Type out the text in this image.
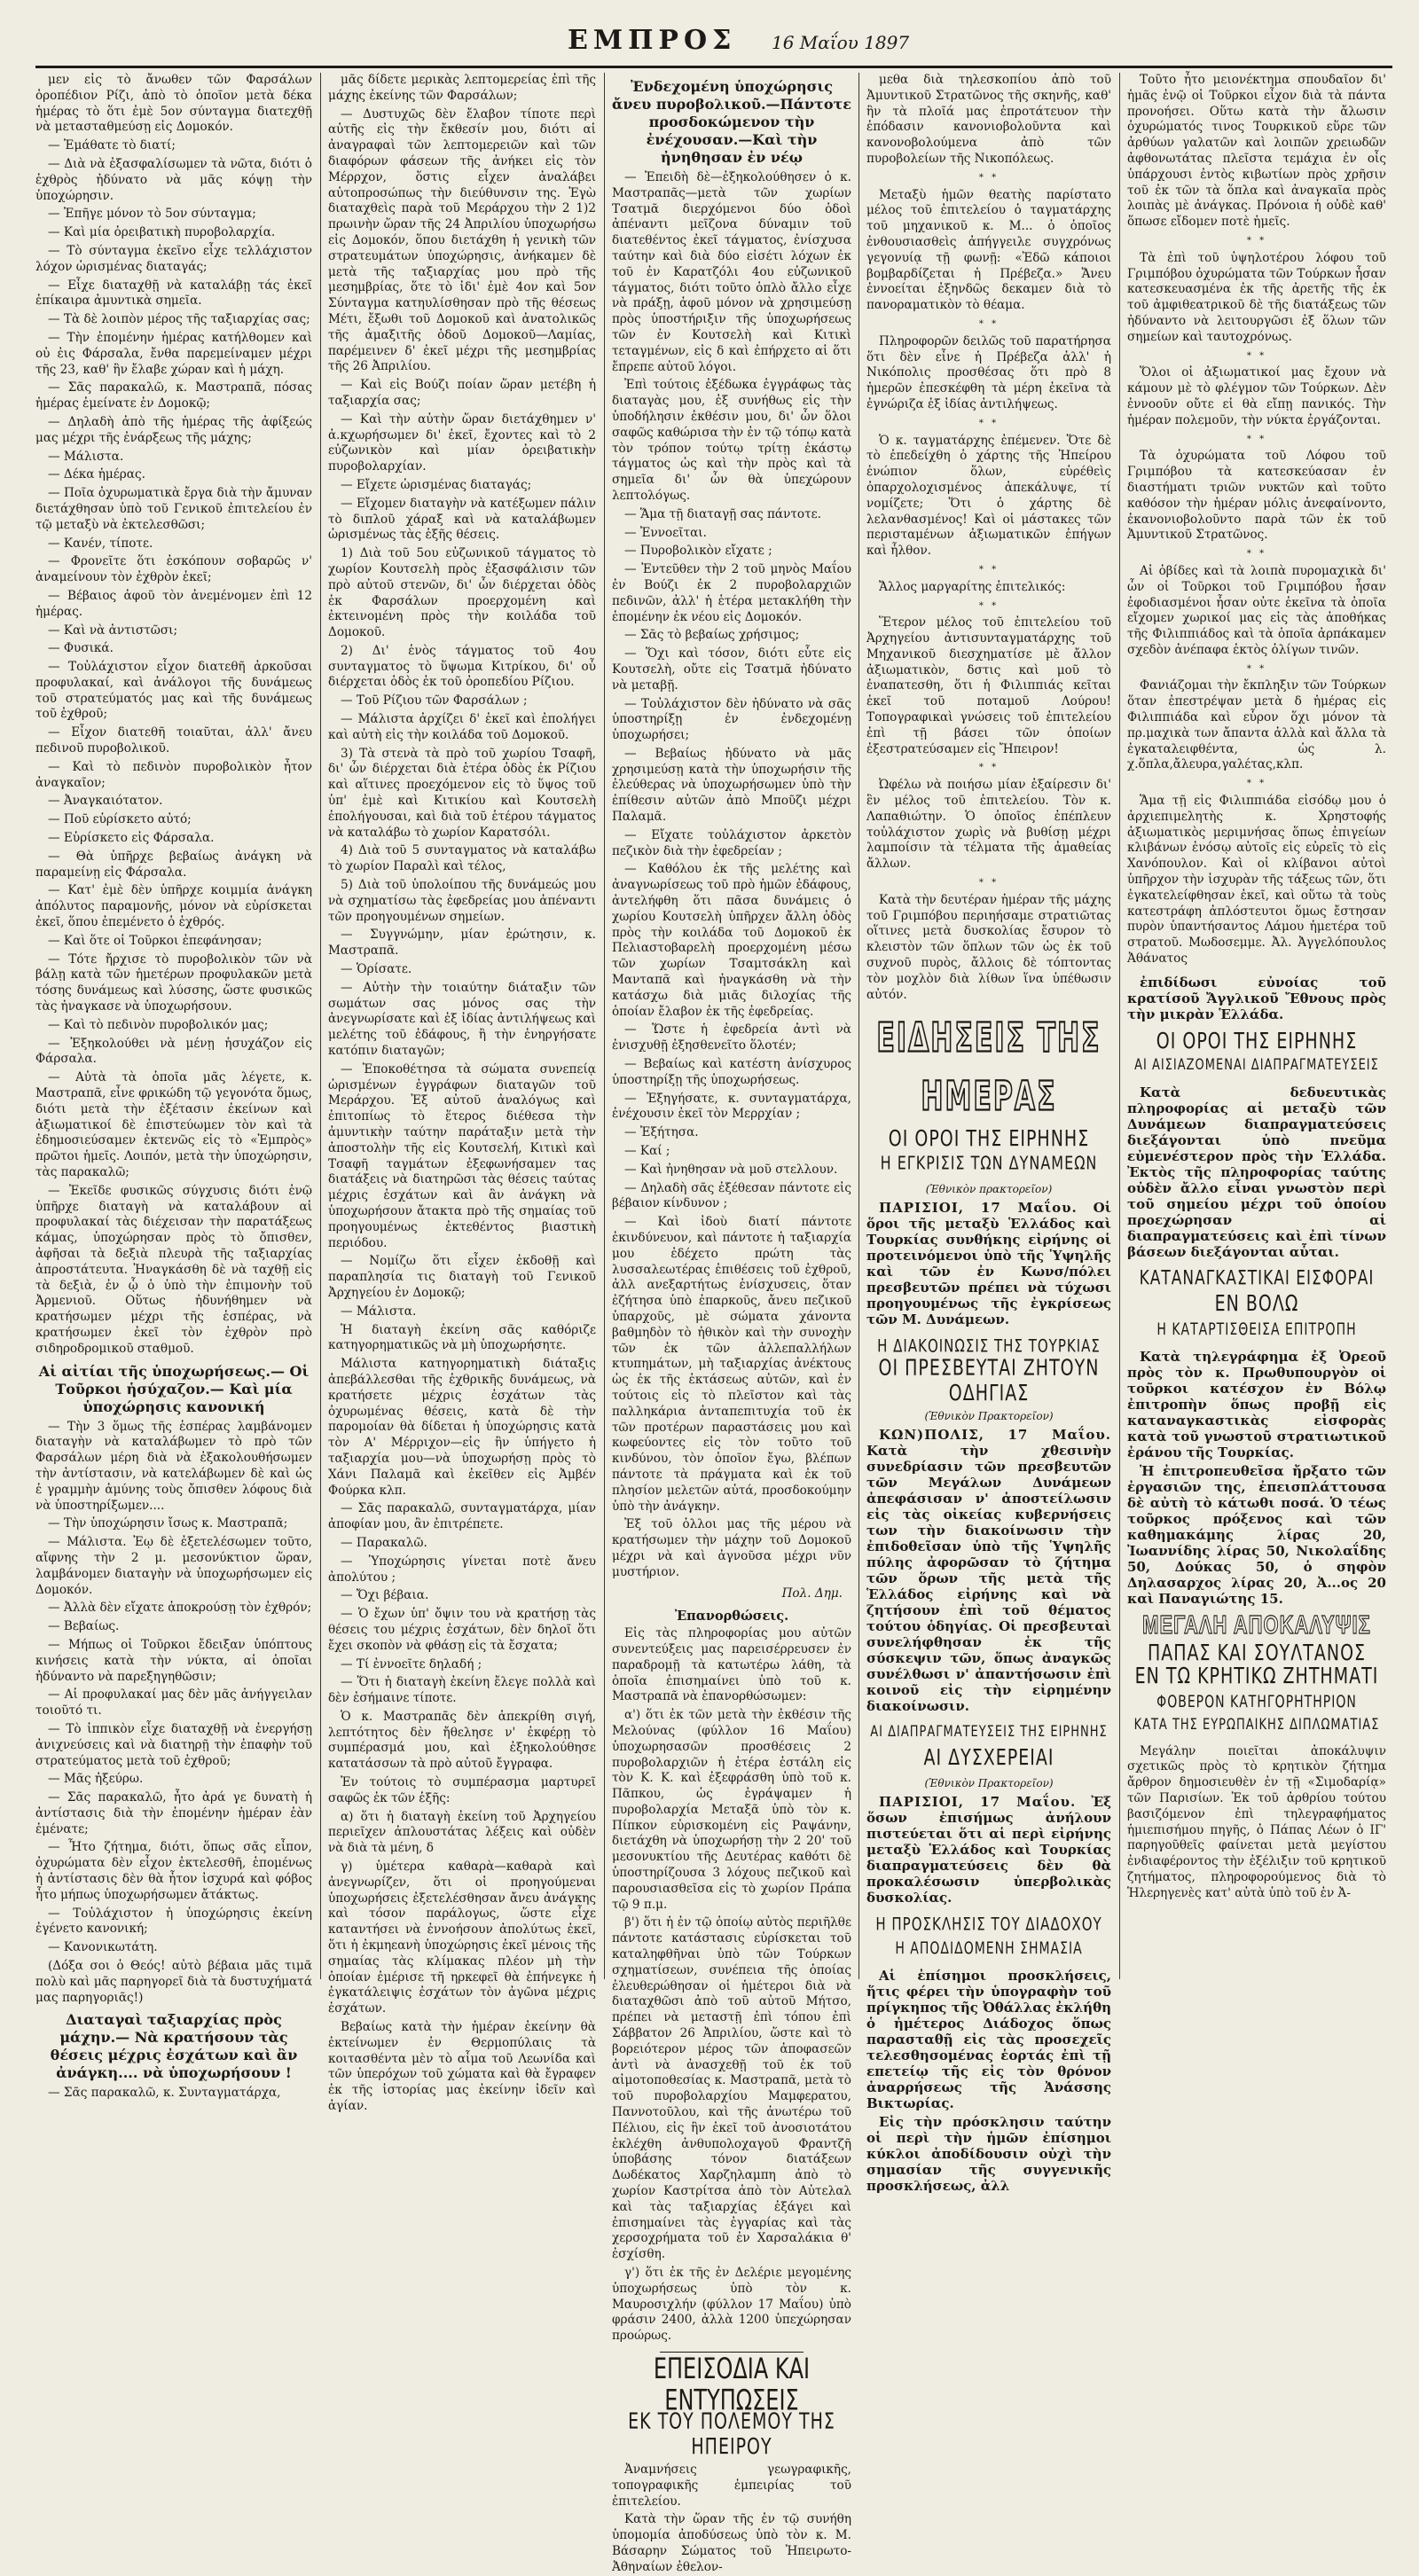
ΕΜΠΡΟΣ 16 Μαΐου 1897

μεν εἰς τὸ ἄνωθεν τῶν Φαρσάλων ὀροπέδιον Ρίζι, ἀπὸ τὸ ὁποῖον μετὰ δέκα ἡμέρας τὸ ὅτι ἐμὲ 5ον σύνταγμα διατεχθῇ νὰ μετασταθμεύσῃ εἰς Δομοκόν.

— Ἐμάθατε τὸ διατί;

— Διὰ νὰ ἐξασφαλίσωμεν τὰ νῶτα, διότι ὁ ἐχθρὸς ἠδύνατο νὰ μᾶς κόψῃ τὴν ὑποχώρησιν.

— Ἐπῆγε μόνον τὸ 5ον σύνταγμα;

— Καὶ μία ὀρειβατικὴ πυροβολαρχία.

— Τὸ σύνταγμα ἐκεῖνο εἶχε τελλάχιστον λόχον ὡρισμένας διαταγάς;

— Εἶχε διαταχθῇ νὰ καταλάβῃ τάς ἐκεῖ ἐπίκαιρα ἀμυντικὰ σημεῖα.

— Τὰ δὲ λοιπὸν μέρος τῆς ταξιαρχίας σας;

— Τὴν ἐπομένην ἡμέρας κατήλθομεν καὶ οὐ ἐις Φάρσαλα, ἔνθα παρεμείναμεν μέχρι τῆς 23, καθ' ἣν ἔλαβε χώραν καὶ ἡ μάχη.

— Σᾶς παρακαλῶ, κ. Μαστραπᾶ, πόσας ἡμέρας ἐμείνατε ἐν Δομοκῷ;

— Δηλαδὴ ἀπὸ τῆς ἡμέρας τῆς ἀφίξεώς μας μέχρι τῆς ἐνάρξεως τῆς μάχης;

— Μάλιστα.

— Δέκα ἡμέρας.

— Ποῖα ὀχυρωματικὰ ἔργα διὰ τὴν ἄμυναν διετάχθησαν ὑπὸ τοῦ Γενικοῦ ἐπιτελείου ἐν τῷ μεταξὺ νὰ ἐκτελεσθῶσι;

— Κανέν, τίποτε.

— Φρονεῖτε ὅτι ἐσκόπουν σοβαρῶς ν' ἀναμείνουν τὸν ἐχθρὸν ἐκεῖ;

— Βέβαιος ἀφοῦ τὸν ἀνεμένομεν ἐπὶ 12 ἡμέρας.

— Καὶ νὰ ἀντιστῶσι;

— Φυσικά.

— Τοὐλάχιστον εἶχον διατεθῆ ἀρκοῦσαι προφυλακαί, καὶ ἀνάλογοι τῆς δυνάμεως τοῦ στρατεύματός μας καὶ τῆς δυνάμεως τοῦ ἐχθροῦ;

— Εἶχον διατεθῆ τοιαῦται, ἀλλ' ἄνευ πεδινοῦ πυροβολικοῦ.

— Καὶ τὸ πεδινὸν πυροβολικὸν ἦτον ἀναγκαῖον;

— Ἀναγκαιότατον.

— Ποῦ εὑρίσκετο αὐτό;

— Εὑρίσκετο εἰς Φάρσαλα.

— Θὰ ὑπῆρχε βεβαίως ἀνάγκη νὰ παραμείνῃ εἰς Φάρσαλα.

— Κατ' ἐμὲ δὲν ὑπῆρχε κοιμμία ἀνάγκη ἀπόλυτος παραμονῆς, μόνον νὰ εὑρίσκεται ἐκεῖ, ὅπου ἐπεμένετο ὁ ἐχθρός.

— Καὶ ὅτε οἱ Τοῦρκοι ἐπεφάνησαν;

— Τότε ἤρχισε τὸ πυροβολικὸν τῶν νὰ βάλῃ κατὰ τῶν ἡμετέρων προφυλακῶν μετὰ τόσης δυνάμεως καὶ λύσσης, ὥστε φυσικῶς τὰς ἠναγκασε νὰ ὑποχωρήσουν.

— Καὶ τὸ πεδινὸν πυροβολικόν μας;

— Ἐξηκολούθει νὰ μένῃ ἡσυχάζον εἰς Φάρσαλα.

— Αὐτὰ τὰ ὁποῖα μᾶς λέγετε, κ. Μαστραπᾶ, εἶνε φρικώδη τῷ γεγονότα ὅμως, διότι μετὰ τὴν ἐξέτασιν ἐκείνων καὶ ἀξιωματικοί δὲ ἐπιστεύωμεν τὸν καὶ τὰ ἐδημοσιεύσαμεν ἐκτενῶς εἰς τὸ «Ἐμπρὸς» πρῶτοι ἡμεῖς. Λοιπόν, μετὰ τὴν ὑποχώρησιν, τὰς παρακαλῶ;

— Ἐκεῖδε φυσικῶς σύγχυσις διότι ἐνῷ ὑπῆρχε διαταγὴ νὰ καταλάβουν αἱ προφυλακαί τὰς διέχεισαν τὴν παρατάξεως κάμας, ὑποχώρησαν πρὸς τὸ ὄπισθεν, ἀφῆσαι τὰ δεξιὰ πλευρὰ τῆς ταξιαρχίας ἀπροστάτευτα. Ἠναγκάσθη δὲ νὰ ταχθῇ εἰς τὰ δεξιὰ, ἐν ᾧ ὁ ὑπὸ τὴν ἐπιμονὴν τοῦ Ἀρμενιοῦ. Οὕτως ἠδυνήθημεν νὰ κρατήσωμεν μέχρι τῆς ἑσπέρας, νὰ κρατήσωμεν ἐκεῖ τὸν ἐχθρὸν πρὸ σιδηροδρομικοῦ σταθμοῦ.

Αἱ αἰτίαι τῆς ὑποχωρήσεως.— Οἱ Τοῦρκοι ἡσύχαζον.— Καὶ μία ὑποχώρησις κανονική

— Τὴν 3 ὅμως τῆς ἑσπέρας λαμβάνομεν διαταγὴν νὰ καταλάβωμεν τὸ πρὸ τῶν Φαρσάλων μέρη διὰ νὰ ἐξακολουθήσωμεν τὴν ἀντίστασιν, νὰ κατελάβωμεν δὲ καὶ ὡς ἐ γραμμὴν ἀμύνης τοὺς ὄπισθεν λόφους διὰ νὰ ὑποστηρίξωμεν....

— Τὴν ὑποχώρησιν ἴσως κ. Μαστραπᾶ;

— Μάλιστα. Ἐῳ δὲ ἐξετελέσωμεν τοῦτο, αἴφνης τὴν 2 μ. μεσονύκτιον ὥραν, λαμβάνομεν διαταγὴν νὰ ὑποχωρήσωμεν εἰς Δομοκόν.

— Ἀλλὰ δὲν εἴχατε ἀποκρούσῃ τὸν ἐχθρόν;

— Βεβαίως.

— Μήπως οἱ Τοῦρκοι ἔδειξαν ὑπόπτους κινήσεις κατὰ τὴν νύκτα, αἱ ὁποῖαι ἠδύναντο νὰ παρεξηγηθῶσιν;

— Αἱ προφυλακαί μας δὲν μᾶς ἀνήγγειλαν τοιοῦτό τι.

— Τὸ ἱππικὸν εἶχε διαταχθῇ νὰ ἐνεργήσῃ ἀνιχνεύσεις καὶ νὰ διατηρῇ τὴν ἐπαφὴν τοῦ στρατεύματος μετὰ τοῦ ἐχθροῦ;

— Μᾶς ἠξεύρω.

— Σᾶς παρακαλῶ, ἦτο ἀρά γε δυνατὴ ἡ ἀντίστασις διὰ τὴν ἐπομένην ἡμέραν ἐὰν ἐμένατε;

— Ἦτο ζήτημα, διότι, ὅπως σᾶς εἶπον, ὀχυρώματα δὲν εἶχον ἐκτελεσθῆ, ἑπομένως ἡ ἀντίστασις δὲν θὰ ἦτον ἰσχυρά καὶ φόβος ἦτο μήπως ὑποχωρήσωμεν ἄτάκτως.

— Τοὐλάχιστον ἡ ὑποχώρησις ἐκείνη ἐγένετο κανονική;

— Κανονικωτάτη.

(Δόξα σοι ὁ Θεός! αὐτὸ βέβαια μᾶς τιμᾶ πολὺ καὶ μᾶς παρηγορεῖ διὰ τὰ δυστυχήματά μας παρηγοριᾶς!)

Διαταγαὶ ταξιαρχίας πρὸς μάχην.— Νὰ κρατήσουν τὰς θέσεις μέχρις ἐσχάτων καὶ ἂν ἀνάγκη.... νὰ ὑποχωρήσουν !

— Σᾶς παρακαλῶ, κ. Συνταγματάρχα,

μᾶς δίδετε μερικὰς λεπτομερείας ἐπὶ τῆς μάχης ἐκείνης τῶν Φαρσάλων;

— Δυστυχῶς δὲν ἔλαβον τίποτε περὶ αὐτῆς εἰς τὴν ἔκθεσίν μου, διότι αἱ ἀναγραφαὶ τῶν λεπτομερειῶν καὶ τῶν διαφόρων φάσεων τῆς ἀνήκει εἰς τὸν Μέρρχον, ὅστις εἶχεν ἀναλάβει αὐτοπροσώπως τὴν διεύθυνσιν της. Ἐγὼ διαταχθεὶς παρὰ τοῦ Μεράρχου τὴν 2 1)2 πρωινὴν ὥραν τῆς 24 Ἀπριλίου ὑποχωρήσω εἰς Δομοκόν, ὅπου διετάχθη ἡ γενικὴ τῶν στρατευμάτων ὑποχώρησις, ἀνήκαμεν δὲ μετὰ τῆς ταξιαρχίας μου πρὸ τῆς μεσημβρίας, ὅτε τὸ ἰδι' ἐμὲ 4ον καὶ 5ον Σύνταγμα κατηυλίσθησαν πρὸ τῆς θέσεως Μέτι, ἔξωθι τοῦ Δομοκοῦ καὶ ἀνατολικῶς τῆς ἀμαξιτῆς ὁδοῦ Δομοκοῦ—Λαμίας, παρέμεινεν δ' ἐκεῖ μέχρι τῆς μεσημβρίας τῆς 26 Ἀπριλίου.

— Καὶ εἰς Βούζι ποίαν ὥραν μετέβη ἡ ταξιαρχία σας;

— Καὶ τὴν αὐτὴν ὥραν διετάχθημεν ν' ἀ.κχωρήσωμεν δι' ἐκεῖ, ἔχοντες καὶ τὸ 2 εὐζωνικὸν καὶ μίαν ὀρειβατικὴν πυροβολαρχίαν.

— Εἴχετε ὡρισμένας διαταγάς;

— Εἴχομεν διαταγὴν νὰ κατέξωμεν πάλιν τὸ διπλοῦ χάραξ καὶ νὰ καταλάβωμεν ὡρισμένως τὰς ἑξῆς θέσεις.

1) Διὰ τοῦ 5ου εὐζωνικοῦ τάγματος τὸ χωρίον Κουτσελὴ πρὸς ἐξασφάλισιν τῶν πρὸ αὐτοῦ στενῶν, δι' ὧν διέρχεται ὁδὸς ἐκ Φαρσάλων προερχομένη καὶ ἐκτεινομένη πρὸς τὴν κοιλάδα τοῦ Δομοκοῦ.

2) Δι' ἑνὸς τάγματος τοῦ 4ου συνταγματος τὸ ὕψωμα Κιτρίκου, δι' οὗ διέρχεται ὁδὸς ἐκ τοῦ ὀροπεδίου Ρίζιου.

— Τοῦ Ρίζιου τῶν Φαρσάλων ;

— Μάλιστα ἀρχίζει δ' ἐκεῖ καὶ ἐπολήγει καὶ αὐτὴ εἰς τὴν κοιλάδα τοῦ Δομοκοῦ.

3) Τὰ στενὰ τὰ πρὸ τοῦ χωρίου Τσαφῆ, δι' ὧν διέρχεται διὰ ἑτέρα ὁδὸς ἐκ Ρίζιου καὶ αἵτινες προεχόμενον εἰς τὸ ὕψος τοῦ ὑπ' ἐμὲ καὶ Κιτικίου καὶ Κουτσελὴ ἐπολήγουσαι, καὶ διὰ τοῦ ἑτέρου τάγματος νὰ καταλάβω τὸ χωρίον Καρατσόλι.

4) Διὰ τοῦ 5 συνταγματος νὰ καταλάβω τὸ χωρίον Παραλὶ καὶ τέλος,

5) Διὰ τοῦ ὑπολοίπου τῆς δυνάμεώς μου νὰ σχηματίσω τὰς ἐφεδρείας μου ἀπέναντι τῶν προηγουμένων σημείων.

— Συγγνώμην, μίαν ἐρώτησιν, κ. Μαστραπᾶ.

— Ὁρίσατε.

— Αὐτὴν τὴν τοιαύτην διάταξιν τῶν σωμάτων σας μόνος σας τὴν ἀνεγνωρίσατε καὶ ἐξ ἰδίας ἀντιλήψεως καὶ μελέτης τοῦ ἐδάφους, ἢ τὴν ἐνηργήσατε κατόπιν διαταγῶν;

— Ἐποκοθέτησα τὰ σώματα συνεπείᾳ ὡρισμένων ἐγγράφων διαταγῶν τοῦ Μεράρχου. Ἐξ αὐτοῦ ἀναλόγως καὶ ἐπιτοπίως τὸ ἕτερος διέθεσα τὴν ἀμυντικὴν ταύτην παράταξιν μετὰ τὴν ἀποστολὴν τῆς εἰς Κουτσελή, Κιτικὶ καὶ Τσαφῆ ταγμάτων ἐξεφωνήσαμεν τας διατάξεις νὰ διατηρῶσι τὰς θέσεις ταύτας μέχρις ἐσχάτων καὶ ἂν ἀνάγκη νὰ ὑποχωρήσουν ἄτακτα πρὸ τῆς σημαίας τοῦ προηγουμένως ἐκτεθέντος βιαστικὴ περιόδου.

— Νομίζω ὅτι εἶχεν ἐκδοθῇ καὶ παραπλησία τις διαταγὴ τοῦ Γενικοῦ Ἀρχηγείου ἐν Δομοκῷ;

— Μάλιστα.

Ἡ διαταγὴ ἐκείνη σᾶς καθόριζε κατηγορηματικῶς νὰ μὴ ὑποχωρήσητε.

Μάλιστα κατηγορηματικὴ διάταξις ἀπεβάλλεσθαι τῆς ἐχθρικῆς δυνάμεως, νὰ κρατήσετε μέχρις ἐσχάτων τὰς ὀχυρωμένας θέσεις, κατὰ δὲ τὴν παρομοίαν θὰ δίδεται ἡ ὑποχώρησις κατὰ τὸν Α' Μέρριχον—εἰς ἣν ὑπήγετο ἡ ταξιαρχία μου—νὰ ὑποχωρήσῃ πρὸς τὸ Χάνι Παλαμᾶ καὶ ἐκεῖθεν εἰς Ἀμβέν Φούρκα κλπ.

— Σᾶς παρακαλῶ, συνταγματάρχα, μίαν ἀποφίαν μου, ἂν ἐπιτρέπετε.

— Παρακαλῶ.

— Ὑποχώρησις γίνεται ποτὲ ἄνευ ἀπολύτου ;

— Ὄχι βέβαια.

— Ὁ ἔχων ὑπ' ὄψιν του νὰ κρατήσῃ τὰς θέσεις του μέχρις ἐσχάτων, δὲν δηλοῖ ὅτι ἔχει σκοπὸν νὰ φθάσῃ εἰς τὰ ἔσχατα;

— Τί ἐννοεῖτε δηλαδή ;

— Ὅτι ἡ διαταγὴ ἐκείνη ἔλεγε πολλὰ καὶ δὲν ἐσήμαινε τίποτε.

Ὁ κ. Μαστραπᾶς δὲν ἀπεκρίθη σιγή, λεπτότητος δὲν ἤθελησε ν' ἐκφέρῃ τὸ συμπέρασμά μου, καὶ ἐξηκολούθησε κατατάσσων τὰ πρὸ αὐτοῦ ἔγγραφα.

Ἐν τούτοις τὸ συμπέρασμα μαρτυρεῖ σαφῶς ἐκ τῶν ἑξῆς:

α) ὅτι ἡ διαταγὴ ἐκείνη τοῦ Ἀρχηγείου περιεῖχεν ἀπλουστάτας λέξεις καὶ οὐδὲν νὰ διὰ τὰ μένη, δ

γ) ὑμέτερα καθαρὰ—καθαρὰ καὶ ἀνεγνωρίζεν, ὅτι οἱ προηγούμεναι ὑποχωρήσεις ἐξετελέσθησαν ἄνευ ἀνάγκης καὶ τόσον παράλογως, ὥστε εἶχε καταντήσει νὰ ἐννοήσουν ἀπολύτως ἐκεῖ, ὅτι ἡ ἐκμηεανὴ ὑποχώρησις ἐκεῖ μένοις τῆς σημαίας τὰς κλίμακας πλέον μὴ τὴν ὁποίαν ἐμέρισε τῆ ηρκεφεῖ θὰ ἐπήνεγκε ἡ ἐγκατάλειψις ἐσχάτων τὸν ἀγῶνα μέχρις ἐσχάτων.

Βεβαίως κατὰ τὴν ἡμέραν ἐκείνην θὰ ἐκτείνωμεν ἐν Θερμοπύλαις τὰ κοιτασθέντα μὲν τὸ αἷμα τοῦ Λεωνίδα καὶ τῶν ὑπερόχων τοῦ χώματα καὶ θὰ ἔγραφεν ἐκ τῆς ἱστορίας μας ἐκείνην ἰδεῖν καὶ ἀγίαν.

Ἐνδεχομένη ὑποχώρησις ἄνευ πυροβολικοῦ.—Πάντοτε προσδοκώμενον τὴν ἐνέχουσαν.—Καὶ τὴν ἠνηθησαν ἐν νέῳ

— Ἐπειδὴ δὲ—ἐξηκολούθησεν ὁ κ. Μαστραπᾶς—μετὰ τῶν χωρίων Τσατμᾶ διερχόμενοι δύο ὁδοὶ ἀπέναντι μεῖζονα δύναμιν τοῦ διατεθέντος ἐκεῖ τάγματος, ἐνίσχυσα ταύτην καὶ διὰ δύο εἰσέτι λόχων ἐκ τοῦ ἐν Καρατζόλι 4ου εὐζωνικοῦ τάγματος, διότι τοῦτο ὁπλὸ ἄλλο εἶχε νὰ πράξῃ, ἀφοῦ μόνον νὰ χρησιμεύσῃ πρὸς ὑποστήριξιν τῆς ὑποχωρήσεως τῶν ἐν Κουτσελὴ καὶ Κιτικὶ τεταγμένων, εἰς δ καὶ ἐπήρχετο αἱ ὅτι ἔπρεπε αὐτοῦ λόγοι.

Ἐπὶ τούτοις ἐξέδωκα ἐγγράφως τὰς διαταγὰς μου, ἐξ συνήθως εἰς τὴν ὑποδήλησιν ἐκθέσιν μου, δι' ὧν ὅλοι σαφῶς καθώρισα τὴν ἐν τῷ τόπῳ κατὰ τὸν τρόπον τούτῳ τρίτῃ ἐκάστῳ τάγματος ὡς καὶ τὴν πρὸς καὶ τὰ σημεῖα δι' ὧν θὰ ὑπεχώρουν λεπτολόγως.

— Ἅμα τῇ διαταγῇ σας πάντοτε.

— Ἐννοεῖται.

— Πυροβολικὸν εἴχατε ;

— Ἐντεῦθεν τὴν 2 τοῦ μηνὸς Μαΐου ἐν Βούζι ἐκ 2 πυροβολαρχιῶν πεδινῶν, ἀλλ' ἡ ἑτέρα μετακλήθη τὴν ἐπομένην ἐκ νέου εἰς Δομοκόν.

— Σᾶς τὸ βεβαίως χρήσιμος;

— Ὅχι καὶ τόσον, διότι εὗτε εἰς Κουτσελὴ, οὔτε εἰς Τσατμᾶ ἠδύνατο νὰ μεταβῇ.

— Τοὐλάχιστον δὲν ἠδύνατο νὰ σᾶς ὑποστηρίξῃ ἐν ἐνδεχομένῃ ὑποχωρήσει;

— Βεβαίως ἠδύνατο νὰ μᾶς χρησιμεύσῃ κατὰ τὴν ὑποχωρήσιν τῆς ἐλεύθερας νὰ ὑποχωρήσωμεν ὑπὸ τὴν ἐπίθεσιν αὐτῶν ἀπὸ Μποῦζι μέχρι Παλαμᾶ.

— Εἴχατε τοὐλάχιστον ἀρκετὸν πεζικὸν διὰ τὴν ἐφεδρείαν ;

— Καθόλου ἐκ τῆς μελέτης καὶ ἀναγνωρίσεως τοῦ πρὸ ἡμῶν ἐδάφους, ἀντελήφθη ὅτι πᾶσα δυνάμεις ὁ χωρίου Κουτσελὴ ὑπῆρχεν ἄλλη ὁδὸς πρὸς τὴν κοιλάδα τοῦ Δομοκοῦ ἐκ Πελιαστοβαρελὴ προερχομένη μέσω τῶν χωρίων Τσαμτσάκλη καὶ Μανταπᾶ καὶ ἠναγκάσθη νὰ τὴν κατάσχω διὰ μιᾶς διλοχίας τῆς ὁποίαν ἔλαβον ἐκ τῆς ἐφεδρείας.

— Ὥστε ἡ ἐφεδρεία ἀντὶ νὰ ἐνισχυθῇ ἐξησθενεῖτο ὅλοτέν;

— Βεβαίως καὶ κατέστη ἀνίσχυρος ὑποστηρίξῃ τῆς ὑποχωρήσεως.

— Ἐξηγήσατε, κ. συνταγματάρχα, ἐνέχουσιν ἐκεῖ τὸν Μερρχίαν ;

— Ἐξήτησα.

— Καί ;

— Καὶ ἠνηθησαν νὰ μοῦ στελλουν.

— Δηλαδὴ σᾶς ἐξέθεσαν πάντοτε εἰς βέβαιον κίνδυνον ;

— Καὶ ἰδοὺ διατί πάντοτε ἐκινδύνευον, καὶ πάντοτε ἡ ταξιαρχία μου ἐδέχετο πρώτη τὰς λυσσαλεωτέρας ἐπιθέσεις τοῦ ἐχθροῦ, ἀλλ ανεξαρτήτως ἐνίσχυσεις, ὅταν ἐζήτησα ὑπὸ ἐπαρκοῦς, ἄνευ πεζικοῦ ὑπαρχοῦς, μὲ σώματα χάνοντα βαθμηδὸν τὸ ἠθικὸν καὶ τὴν συνοχὴν τῶν ἐκ τῶν ἀλλεπαλλήλων κτυπημάτων, μὴ ταξιαρχίας ἀνέκτους ὡς ἐκ τῆς ἐκτάσεως αὐτῶν, καὶ ἐν τούτοις εἰς τὸ πλεῖστον καὶ τὰς παλληκάρια ἀνταπεπιτυχία τοῦ ἐκ τῶν προτέρων παραστάσεις μου καὶ κωφεύοντες εἰς τὸν τοῦτο τοῦ κινδύνου, τὸν ὁποῖον ἔγω, βλέπων πάντοτε τὰ πράγματα καὶ ἐκ τοῦ πλησίον μελετῶν αὐτά, προσδοκούμην ὑπὸ τὴν ἀνάγκην.

Ἐξ τοῦ ὁλλοι μας τῆς μέρου νὰ κρατήσωμεν τὴν μάχην τοῦ Δομοκοῦ μέχρι νὰ καὶ ἀγνοῦσα μέχρι νῦν μυστήριον.

Πολ. Δημ.
Ἐπανορθώσεις.

Εἰς τὰς πληροφορίας μου αὐτῶν συνεντεύξεις μας παρεισέρρευσεν ἐν παραδρομῇ τὰ κατωτέρω λάθη, τὰ ὁποῖα ἐπισημαίνει ὑπὸ τοῦ κ. Μαστραπᾶ νὰ ἐπανορθώσωμεν:

α') ὅτι ἐκ τῶν μετὰ τὴν ἐκθέσιν τῆς Μελούνας (φύλλον 16 Μαΐου) ὑποχωρησασῶν προσθέσεις 2 πυροβολαρχιῶν ἡ ἑτέρα ἐστάλη εἰς τὸν Κ. Κ. καὶ ἐξεφράσθη ὑπὸ τοῦ κ. Πᾶπκου, ὡς ἐγράψαμεν ἡ πυροβολαρχία Μεταξᾶ ὑπὸ τὸν κ. Πίπκον εὑρισκομένη εἰς Ραψάνην, διετάχθη νὰ ὑποχωρήσῃ τὴν 2 20' τοῦ μεσονυκτίου τῆς Δευτέρας καθότι δὲ ὑποστηρίζουσα 3 λόχους πεζικοῦ καὶ παρουσιασθεῖσα εἰς τὸ χωρίον Πράπα τῷ 9 π.μ.

β') ὅτι ἡ ἐν τῷ ὁποίῳ αὐτὸς περιῆλθε πάντοτε κατάστασις εὑρίσκεται τοῦ καταληφθῆναι ὑπὸ τῶν Τούρκων σχηματίσεων, συνέπεια τῆς ὁποίας ἐλευθερώθησαν οἱ ἡμέτεροι διὰ νὰ διαταχθῶσι ἀπὸ τοῦ αὐτοῦ Μήτσο, πρέπει νὰ μεταστῇ ἐπὶ τόπου ἐπὶ Σάββατον 26 Ἀπριλίου, ὥστε καὶ τὸ βορειότερον μέρος τῶν ἀποφασεῶν ἀντὶ νὰ ἀνασχεθῇ τοῦ ἐκ τοῦ αἰμοτοποθεσίας κ. Μαστραπᾶ, μετὰ τὸ τοῦ πυροβολαρχίου Μαμφερατου, Παννοτοῦλου, καὶ τῆς ἀνωτέρω τοῦ Πέλιου, εἰς ἣν ἐκεῖ τοῦ ἀνοσιοτάτου ἐκλέχθη ἀνθυπολοχαγοῦ Φραντζῆ ὑποβάσης τόνον διατάξεων Δωδέκατος Χαρζηλαμπη ἀπὸ τὸ χωρίον Καστρίτσα ἀπὸ τὸν Αὐτελαλ καὶ τὰς ταξιαρχίας ἐξάγει καὶ ἐπισημαίνει τὰς ἐγγαρίας καὶ τὰς χερσοχρήματα τοῦ ἐν Χαρσαλάκια θ' ἐσχίσθη.

γ') ὅτι ἐκ τῆς ἐν Δελέριε μεγομένης ὑποχωρήσεως ὑπὸ τὸν κ. Μαυροσιχλήν (φύλλον 17 Μαΐου) ὑπὸ φράσιν 2400, ἀλλὰ 1200 ὑπεχώρησαν προώρως.

ΕΠΕΙΣΟΔΙΑ ΚΑΙ ΕΝΤΥΠΩΣΕΙΣ
ΕΚ ΤΟΥ ΠΟΛΕΜΟΥ ΤΗΣ ΗΠΕΙΡΟΥ

Ἀναμνήσεις γεωγραφικῆς, τοπογραφικῆς ἐμπειρίας τοῦ ἐπιτελείου.

Κατὰ τὴν ὥραν τῆς ἐν τῷ συνήθη ὑπομομία ἀποδύσεως ὑπὸ τὸν κ. Μ. Βάσαρην Σώματος τοῦ Ἠπειρωτο-Ἀθηναίων ἐθελον-

μεθα διὰ τηλεσκοπίου ἀπὸ τοῦ Ἀμυντικοῦ Στρατῶνος τῆς σκηνῆς, καθ' ἣν τὰ πλοῖά μας ἐπροτάτευον τὴν ἐπόδασιν κανονιοβολοῦντα καὶ κανονοβολούμενα ἀπὸ τῶν πυροβολείων τῆς Νικοπόλεως.

* *

Μεταξὺ ἡμῶν θεατὴς παρίστατο μέλος τοῦ ἐπιτελείου ὁ ταγματάρχης τοῦ μηχανικοῦ κ. Μ... ὁ ὁποῖος ἐνθουσιασθεὶς ἀπήγγειλε συγχρόνως γεγονυίᾳ τῇ φωνῇ: «Ἐδῶ κάποιοι βομβαρδίζεται ἡ Πρέβεζα.» Ἄνευ ἐννοείται ἐξηνδῶς δεκαμεν διὰ τὸ πανοραματικὸν τὸ θέαμα.

* *

Πληροφορῶν δειλῶς τοῦ παρατήρησα ὅτι δὲν εἶνε ἡ Πρέβεζα ἀλλ' ἡ Νικόπολις προσθέσας ὅτι πρὸ 8 ἡμερῶν ἐπεσκέφθη τὰ μέρη ἐκεῖνα τὰ ἐγνώριζα ἐξ ἰδίας ἀντιλήψεως.

* *

Ὁ κ. ταγματάρχης ἐπέμενεν. Ὅτε δὲ τὸ ἐπεδείχθη ὁ χάρτης τῆς Ἠπείρου ἐνώπιον ὅλων, εὑρέθεὶς ὀπαρχολοχισμένος ἀπεκάλυψε, τί νομίζετε; Ὅτι ὁ χάρτης δὲ λελανθασμένος! Καὶ οἱ μάστακες τῶν περισταμένων ἀξιωματικῶν ἐπήγων καὶ ἦλθον.

* *

Ἄλλος μαργαρίτης ἐπιτελικός:

* *

Ἕτερον μέλος τοῦ ἐπιτελείου τοῦ Ἀρχηγείου ἀντισυνταγματάρχης τοῦ Μηχανικοῦ διεσχηματίσε μὲ ἄλλον ἀξιωματικὸν, δστις καὶ μοῦ τὸ ἐναπατεσθη, ὅτι ἡ Φιλιππιάς κεῖται ἐκεῖ τοῦ ποταμοῦ Λούρου! Τοπογραφικαὶ γνώσεις τοῦ ἐπιτελείου ἐπὶ τῇ βάσει τῶν ὁποίων ἐξεστρατεύσαμεν εἰς Ἤπειρον!

* *

Ὠφέλω νὰ ποιήσω μίαν ἐξαίρεσιν δι' ἓν μέλος τοῦ ἐπιτελείου. Τὸν κ. Λαπαθιώτην. Ὁ ὁποῖος ἐπέπλευν τοὐλάχιστον χωρὶς νὰ βυθίσῃ μέχρι λαμποίσιν τὰ τέλματα τῆς ἀμαθείας ἄλλων.

* *

Κατὰ τὴν δευτέραν ἡμέραν τῆς μάχης τοῦ Γριμπόβου περιηήσαμε στρατιῶτας οἵτινες μετὰ δυσκολίας ἔσυρον τὸ κλειστὸν τῶν ὅπλων τῶν ὡς ἐκ τοῦ συχνοῦ πυρὸς, ἄλλοις δὲ τόπτοντας τὸν μοχλὸν διὰ λίθων ἵνα ὑπέθωσιν αὐτόν.

ΕΙΔΗΣΕΙΣ ΤΗΣ ΗΜΕΡΑΣ
ΟΙ ΟΡΟΙ ΤΗΣ ΕΙΡΗΝΗΣ
Η ΕΓΚΡΙΣΙΣ ΤΩΝ ΔΥΝΑΜΕΩΝ
(Ἐθνικὸν πρακτορεῖον)

ΠΑΡΙΣΙΟΙ, 17 Μαΐου. Οἱ ὅροι τῆς μεταξὺ Ἑλλάδος καὶ Τουρκίας συνθήκης εἰρήνης οἱ προτεινόμενοι ὑπὸ τῆς Ὑψηλῆς καὶ τῶν ἐν Κωνσ/πόλει πρεσβευτῶν πρέπει νὰ τύχωσι προηγουμένως τῆς ἐγκρίσεως τῶν Μ. Δυνάμεων.

Η ΔΙΑΚΟΙΝΩΣΙΣ ΤΗΣ ΤΟΥΡΚΙΑΣ
ΟΙ ΠΡΕΣΒΕΥΤΑΙ ΖΗΤΟΥΝ ΟΔΗΓΙΑΣ
(Ἐθνικὸν Πρακτορεῖον)

ΚΩΝ)ΠΟΛΙΣ, 17 Μαΐου. Κατὰ τὴν χθεσινὴν συνεδρίασιν τῶν πρεσβευτῶν τῶν Μεγάλων Δυνάμεων ἀπεφάσισαν ν' ἀποστείλωσιν εἰς τὰς οἰκείας κυβερνήσεις των τὴν διακοίνωσιν τὴν ἐπιδοθεῖσαν ὑπὸ τῆς Ὑψηλῆς πύλης ἀφορῶσαν τὸ ζήτημα τῶν ὅρων τῆς μετὰ τῆς Ἑλλάδος εἰρήνης καὶ νὰ ζητήσουν ἐπὶ τοῦ θέματος τούτου ὁδηγίας. Οἱ πρεσβευταὶ συνελήφθησαν ἐκ τῆς σύσκεψιν τῶν, ὅπως ἀναγκῶς συνέλθωσι ν' ἀπαντήσωσιν ἐπὶ κοινοῦ εἰς τὴν εἰρημένην διακοίνωσιν.

ΑΙ ΔΙΑΠΡΑΓΜΑΤΕΥΣΕΙΣ ΤΗΣ ΕΙΡΗΝΗΣ
ΑΙ ΔΥΣΧΕΡΕΙΑΙ
(Ἐθνικὸν Πρακτορεῖον)

ΠΑΡΙΣΙΟΙ, 17 Μαΐου. Ἐξ ὅσων ἐπισήμως ἀνήλουν πιστεύεται ὅτι αἱ περὶ εἰρήνης μεταξὺ Ἑλλάδος καὶ Τουρκίας διαπραγματεύσεις δὲν θὰ προκαλέσωσιν ὑπερβολικὰς δυσκολίας.

Η ΠΡΟΣΚΛΗΣΙΣ ΤΟΥ ΔΙΑΔΟΧΟΥ
Η ΑΠΟΔΙΔΟΜΕΝΗ ΣΗΜΑΣΙΑ

Αἱ ἐπίσημοι προσκλήσεις, ἥτις φέρει τὴν ὑπογραφὴν τοῦ πρίγκηπος τῆς Ὀθάλλας ἐκλήθη ὁ ἡμέτερος Διάδοχος ὅπως παρασταθῇ εἰς τὰς προσεχεῖς τελεσθησομένας ἑορτάς ἐπὶ τῇ επετείῳ τῆς εἰς τὸν θρόνον ἀναρρήσεως τῆς Ἀνάσσης Βικτωρίας.

Εἰς τὴν πρόσκλησιν ταύτην οἱ περὶ τὴν ἡμῶν ἐπίσημοι κύκλοι ἀποδίδουσιν οὐχὶ τὴν σημασίαν τῆς συγγενικῆς προσκλήσεως, ἀλλ

Τοῦτο ἦτο μειονέκτημα σπουδαῖον δι' ἡμᾶς ἐνῷ οἱ Τοῦρκοι εἶχον διὰ τὰ πάντα προνοήσει. Οὕτω κατὰ τὴν ἄλωσιν ὀχυρώματός τινος Τουρκικοῦ εὕρε τῶν ἀρθύων γαλατῶν καὶ λοιπῶν χρειωδῶν ἀφθονωτάτας πλεῖστα τεμάχια ἐν οἷς ὑπάρχουσι ἐντὸς κιβωτίων πρὸς χρῆσιν τοῦ ἐκ τῶν τὰ ὅπλα καὶ ἀναγκαῖα πρὸς λοιπὰς μὲ ἀνάγκας. Πρόνοια ἡ οὐδὲ καθ' ὅπωσε εἴδομεν ποτὲ ἡμεῖς.

* *

Τὰ ἐπὶ τοῦ ὑψηλοτέρου λόφου τοῦ Γριμπόβου ὀχυρώματα τῶν Τούρκων ἦσαν κατεσκευασμένα ἐκ τῆς ἀρετῆς τῆς ἐκ τοῦ ἀμφιθεατρικοῦ δὲ τῆς διατάξεως τῶν ἠδύναντο νὰ λειτουργῶσι ἐξ ὅλων τῶν σημείων καὶ ταυτοχρόνως.

* *

Ὅλοι οἱ ἀξιωματικοί μας ἔχουν νὰ κάμουν μὲ τὸ φλέγμον τῶν Τούρκων. Δὲν ἐννοοῦν οὔτε εἰ θὰ εἴπῃ πανικός. Τὴν ἡμέραν πολεμοῦν, τὴν νύκτα ἐργάζονται.

* *

Τὰ ὀχυρώματα τοῦ Λόφου τοῦ Γριμπόβου τὰ κατεσκεύασαν ἐν διαστήματι τριῶν νυκτῶν καὶ τοῦτο καθόσον τὴν ἡμέραν μόλις ἀνεφαίνοντο, ἐκανονιοβολοῦντο παρὰ τῶν ἐκ τοῦ Ἀμυντικοῦ Στρατῶνος.

* *

Αἱ ὀβίδες καὶ τὰ λοιπὰ πυρομαχικὰ δι' ὧν οἱ Τοῦρκοι τοῦ Γριμπόβου ἦσαν ἐφοδιασμένοι ἦσαν οὐτε ἐκεῖνα τὰ ὁποῖα εἴχομεν χωρικοί μας εἰς τὰς ἀποθήκας τῆς Φιλιππιάδος καὶ τὰ ὁποῖα ἀρπάκαμεν σχεδὸν ἀνέπαφα ἐκτὸς ὀλίγων τινῶν.

* *

Φανιάζομαι τὴν ἔκπληξιν τῶν Τούρκων ὅταν ἐπεστρέψαν μετὰ δ ἡμέρας εἰς Φιλιππιάδα καὶ εὗρον ὅχι μόνον τὰ πρ.μαχικὰ των ἄπαντα ἀλλὰ καὶ ἄλλα τὰ ἐγκαταλειφθέντα, ὡς λ. χ.ὅπλα,ἄλευρα,γαλέτας,κλπ.

* *

Ἅμα τῇ εἰς Φιλιππιάδα εἰσόδῳ μου ὁ ἀρχιεπιμελητὴς κ. Χρηστοφής ἀξιωματικὸς μεριμνήσας ὅπως ἐπιγείων κλιβάνων ἐνόσῳ αὐτοῖς εἰς εὐρεῖς τὸ εἰς Χανόπουλον. Καὶ οἱ κλίβανοι αὐτοὶ ὑπῆρχον τὴν ἰσχυρὰν τῆς τάξεως τῶν, ὅτι ἐγκατελείφθησαν ἐκεῖ, καὶ οὕτω τὰ τοὺς κατεστράφη ἀπλόστευτοι ὅμως ἔστησαν πυρὸν ὑπαντήσαντος Λάμου ἡμετέρα τοῦ στρατοῦ. Μωδοσεμμε. Ἀλ. Ἀγγελόπουλος Ἀθάνατος

ἐπιδίδωσι εὐνοίας τοῦ κρατίσοῦ Ἄγγλικοῦ Ἔθνους πρὸς τὴν μικρὰν Ἑλλάδα.

ΟΙ ΟΡΟΙ ΤΗΣ ΕΙΡΗΝΗΣ
ΑΙ ΑΙΣΙΑΖΟΜΕΝΑΙ ΔΙΑΠΡΑΓΜΑΤΕΥΣΕΙΣ

Κατὰ δεδυευτικὰς πληροφορίας αἱ μεταξὺ τῶν Δυνάμεων διαπραγματεύσεις διεξάγονται ὑπὸ πνεῦμα εὐμενέστερον πρὸς τὴν Ἑλλάδα. Ἐκτὸς τῆς πληροφορίας ταύτης οὐδὲν ἄλλο εἶναι γνωστὸν περὶ τοῦ σημείου μέχρι τοῦ ὁποίου προεχώρησαν αἱ διαπραγματεύσεις καὶ ἐπὶ τίνων βάσεων διεξάγονται αὗται.

ΚΑΤΑΝΑΓΚΑΣΤΙΚΑΙ ΕΙΣΦΟΡΑΙ
ΕΝ ΒΟΛΩ
Η ΚΑΤΑΡΤΙΣΘΕΙΣΑ ΕΠΙΤΡΟΠΗ

Κατὰ τηλεγράφημα ἐξ Ὀρεοῦ πρὸς τὸν κ. Πρωθυπουργὸν οἱ τοῦρκοι κατέσχον ἐν Βόλῳ ἐπιτροπὴν ὅπως προβῇ εἰς καταναγκαστικὰς εἰσφορὰς κατὰ τοῦ γνωστοῦ στρατιωτικοῦ ἐράνου τῆς Τουρκίας.

Ἡ ἐπιτροπευθεῖσα ἤρξατο τῶν ἐργασιῶν της, ἐπεισπλάττουσα δὲ αὐτὴ τὸ κάτωθι ποσά. Ὁ τέως τοῦρκος πρόξενος καὶ τῶν καθημακάμης λίρας 20, Ἰωαννίδης λίρας 50, Νικολαΐδης 50, Δούκας 50, ὁ σηφὸν Δηλασαρχος λίρας 20, Ἀ...ος 20 καὶ Παναγιώτης 15.

ΜΕΓΑΛΗ ΑΠΟΚΑΛΥΨΙΣ
ΠΑΠΑΣ ΚΑΙ ΣΟΥΛΤΑΝΟΣ
ΕΝ ΤΩ ΚΡΗΤΙΚΩ ΖΗΤΗΜΑΤΙ
ΦΟΒΕΡΟΝ ΚΑΤΗΓΟΡΗΤΗΡΙΟΝ
ΚΑΤΑ ΤΗΣ ΕΥΡΩΠΑΙΚΗΣ ΔΙΠΛΩΜΑΤΙΑΣ

Μεγάλην ποιεῖται ἀποκάλυψιν σχετικῶς πρὸς τὸ κρητικὸν ζήτημα ἄρθρον δημοσιευθὲν ἐν τῇ «Σιμοδαρίᾳ» τῶν Παρισίων. Ἐκ τοῦ ἀρθρίου τούτου βασιζόμενον ἐπὶ τηλεγραφήματος ἡμιεπισήμου πηγῆς, ὁ Πάπας Λέων ὁ ΙΓ' παρηγοῦθεῖς φαίνεται μετὰ μεγίστου ἐνδιαφέροντος τὴν ἐξέλιξιν τοῦ κρητικοῦ ζητήματος, πληροφορούμενος διὰ τὸ Ἡλερηγενὲς κατ' αὐτὰ ὑπὸ τοῦ ἐν Ἀ-
